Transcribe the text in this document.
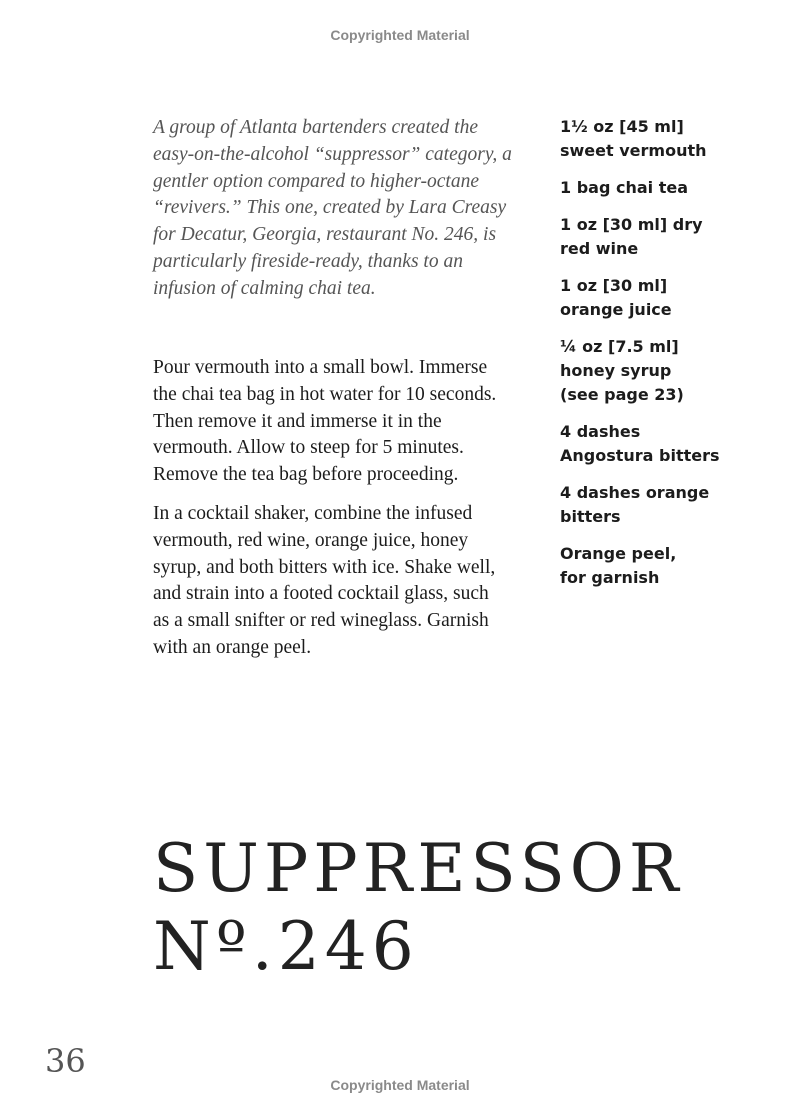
Copyrighted Material

A group of Atlanta bartenders created the easy-on-the-alcohol “suppressor” category, a gentler option compared to higher-octane “revivers.” This one, created by Lara Creasy for Decatur, Georgia, restaurant No. 246, is particularly fireside-ready, thanks to an infusion of calming chai tea.

Pour vermouth into a small bowl. Immerse the chai tea bag in hot water for 10 seconds. Then remove it and immerse it in the vermouth. Allow to steep for 5 minutes. Remove the tea bag before proceeding.

In a cocktail shaker, combine the infused vermouth, red wine, orange juice, honey syrup, and both bitters with ice. Shake well, and strain into a footed cocktail glass, such as a small snifter or red wineglass. Garnish with an orange peel.

1½ oz [45 ml]
sweet vermouth
1 bag chai tea
1 oz [30 ml] dry
red wine
1 oz [30 ml]
orange juice
¼ oz [7.5 ml]
honey syrup
(see page 23)
4 dashes
Angostura bitters
4 dashes orange
bitters
Orange peel,
for garnish
SUPPRESSOR
Nº.246
36
Copyrighted Material
